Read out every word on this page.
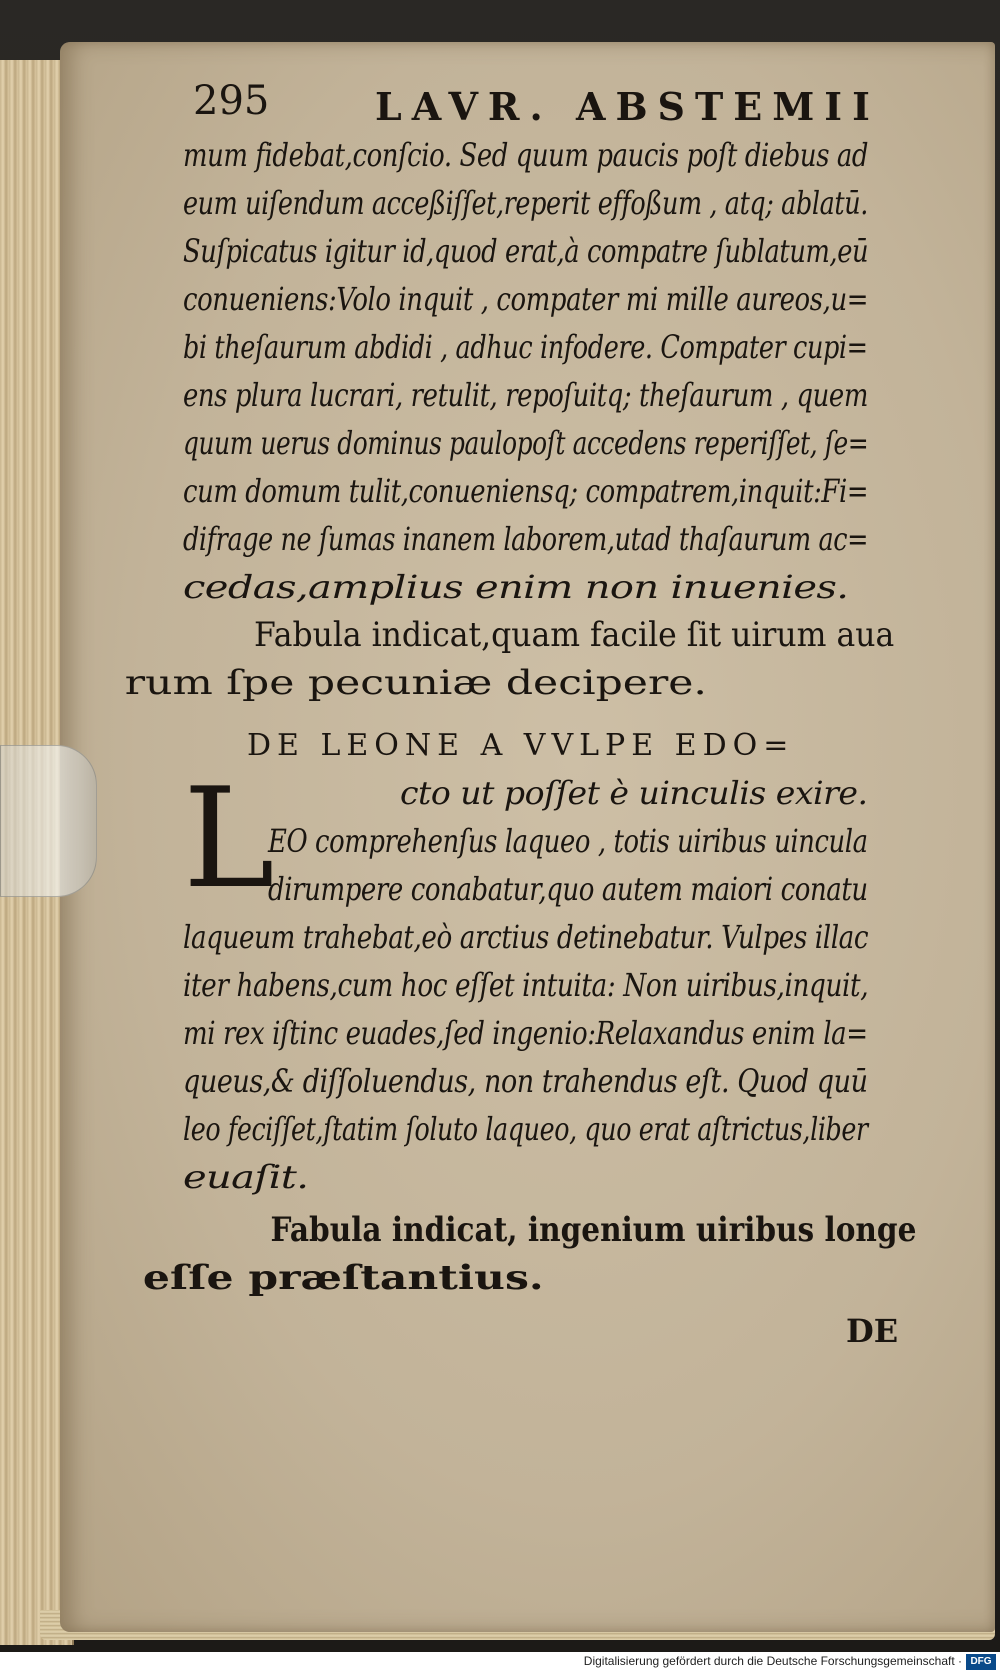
295	LAVR. ABSTEMII
mum fidebat,conſcio. Sed quum paucis poſt diebus ad
eum uiſendum acceßiſſet,reperit effoßum , atq; ablatū.
Suſpicatus igitur id,quod erat,à compatre ſublatum,eū
conueniens:Volo inquit , compater mi mille aureos,u=
bi theſaurum abdidi , adhuc infodere. Compater cupi=
ens plura lucrari, retulit, repoſuitq; theſaurum , quem
quum uerus dominus paulopoſt accedens reperiſſet, ſe=
cum domum tulit,conueniensq; compatrem,inquit:Fi=
difrage ne ſumas inanem laborem,utad thaſaurum ac=
cedas,amplius enim non inuenies.
Fabula indicat,quam facile ſit uirum aua
rum ſpe pecuniæ decipere.
DE LEONE A VVLPE EDO=
cto ut poſſet è uinculis exire.
L
EO comprehenſus laqueo , totis uiribus uincula
dirumpere conabatur,quo autem maiori conatu
laqueum trahebat,eò arctius detinebatur. Vulpes illac
iter habens,cum hoc eſſet intuita: Non uiribus,inquit,
mi rex iſtinc euades,ſed ingenio:Relaxandus enim la=
queus,& diſſoluendus, non trahendus eſt. Quod quū
leo feciſſet,ſtatim ſoluto laqueo, quo erat aſtrictus,liber
euaſit.
Fabula indicat, ingenium uiribus longe
eſſe præſtantius.
DE
Digitalisierung gefördert durch die Deutsche Forschungsgemeinschaft · DFG
